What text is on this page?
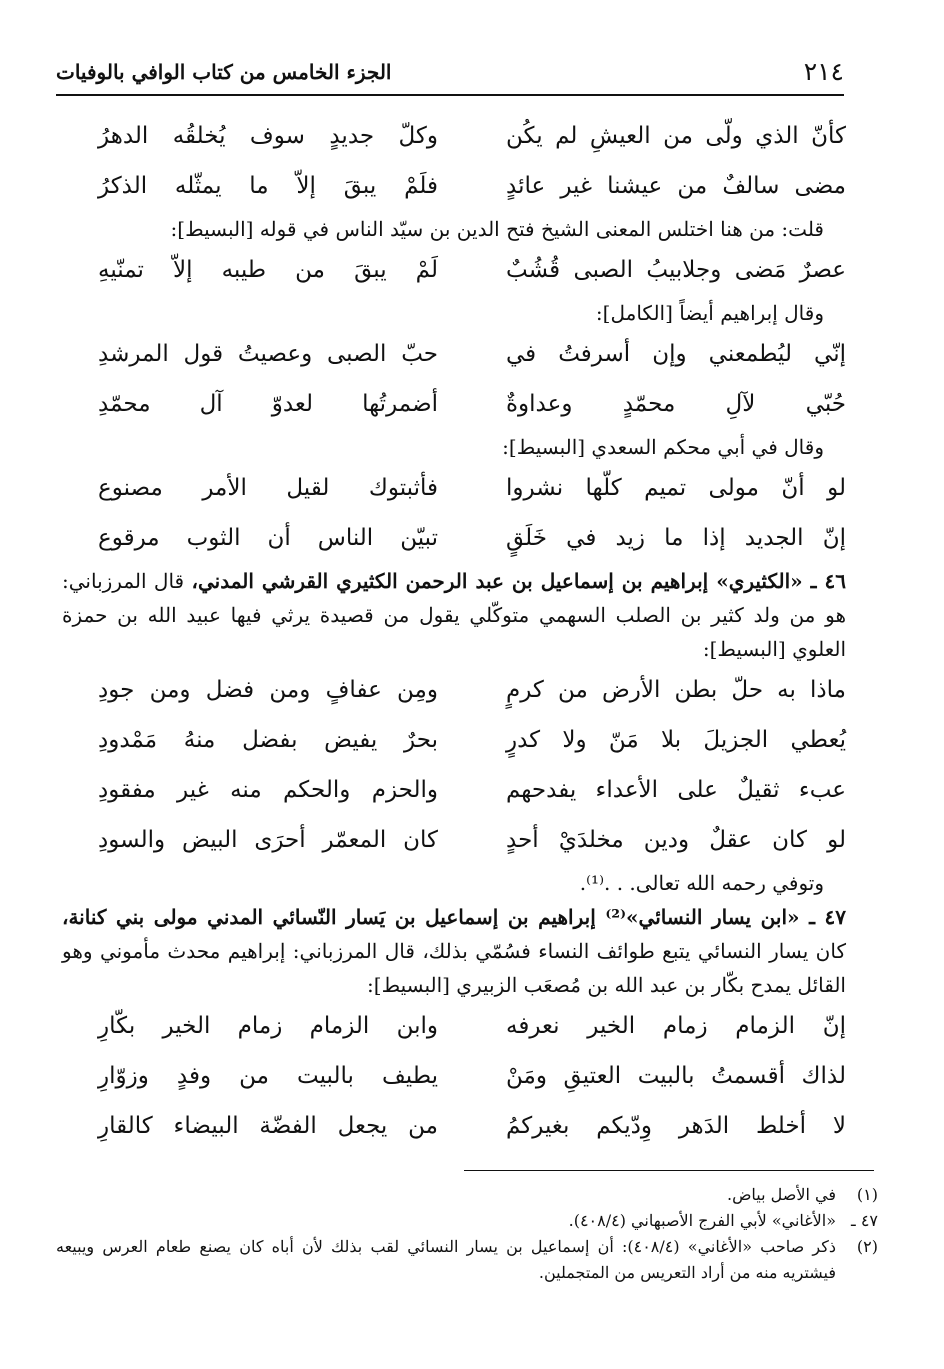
٢١٤
الجزء الخامس من كتاب الوافي بالوفيات
كأنّ الذي ولّى من العيشِ لم يكُن
وكلّ جديدٍ سوف يُخلقُه الدهرُ
مضى سالفٌ من عيشنا غير عائدٍ
فلَمْ يبقَ إلاّ ما يمثّله الذكرُ
قلت: من هنا اختلس المعنى الشيخ فتح الدين بن سيّد الناس في قوله [البسيط]:
عصرٌ مَضى وجلابيبُ الصبى قُشُبٌ
لَمْ يبقَ من طيبه إلاّ تمنّيهِ
وقال إبراهيم أيضاً [الكامل]:
إنّي ليُطمعني وإن أسرفتُ في
حبّ الصبى وعصيتُ قول المرشدِ
حُبّي لآلِ محمّدٍ وعداوةٌ
أضمرتُها لعدوّ آل محمّدِ
وقال في أبي محكم السعدي [البسيط]:
لو أنّ مولى تميم كلّها نشروا
فأثبتوك لقيل الأمر مصنوع
إنّ الجديد إذا ما زيد في خَلَقٍ
تبيّن الناس أن الثوب مرقوع
٤٦ ـ «الكثيري» إبراهيم بن إسماعيل بن عبد الرحمن الكثيري القرشي المدني، قال المرزباني: هو من ولد كثير بن الصلب السهمي متوكّلي يقول من قصيدة يرثي فيها عبيد الله بن حمزة العلوي [البسيط]:
ماذا به حلّ بطن الأرض من كرمٍ
ومِن عفافٍ ومن فضل ومن جودِ
يُعطي الجزيلَ بلا مَنّ ولا كدرٍ
بحرٌ يفيض بفضل منهُ مَمْدودِ
عبء ثقيلٌ على الأعداء يفدحهم
والحزم والحكم منه غير مفقودِ
لو كان عقلٌ ودين مخلدَيْ أحدٍ
كان المعمّر أحرَى البيض والسودِ
وتوفي رحمه الله تعالى. . .⁽¹⁾.
٤٧ ـ «ابن يسار النسائي»⁽²⁾ إبراهيم بن إسماعيل بن يَسار النّسائي المدني مولى بني كنانة، كان يسار النسائي يتبع طوائف النساء فسُمّي بذلك، قال المرزباني: إبراهيم محدث مأموني وهو القائل يمدح بكّار بن عبد الله بن مُصعَب الزبيري [البسيط]:
إنّ الزمام زمام الخير نعرفه
وابن الزمام زمام الخير بكّارِ
لذاك أقسمتُ بالبيت العتيقِ ومَنْ
يطيف بالبيت من وفدٍ وزوّارِ
لا أخلط الدَهر وِدّيكم بغيركمُ
من يجعل الفضّة البيضاء كالقارِ
(١)
في الأصل بياض.
٤٧ ـ
«الأغاني» لأبي الفرج الأصبهاني (٤٠٨/٤).
(٢)
ذكر صاحب «الأغاني» (٤٠٨/٤): أن إسماعيل بن يسار النسائي لقب بذلك لأن أباه كان يصنع طعام العرس ويبيعه فيشتريه منه من أراد التعريس من المتجملين.
